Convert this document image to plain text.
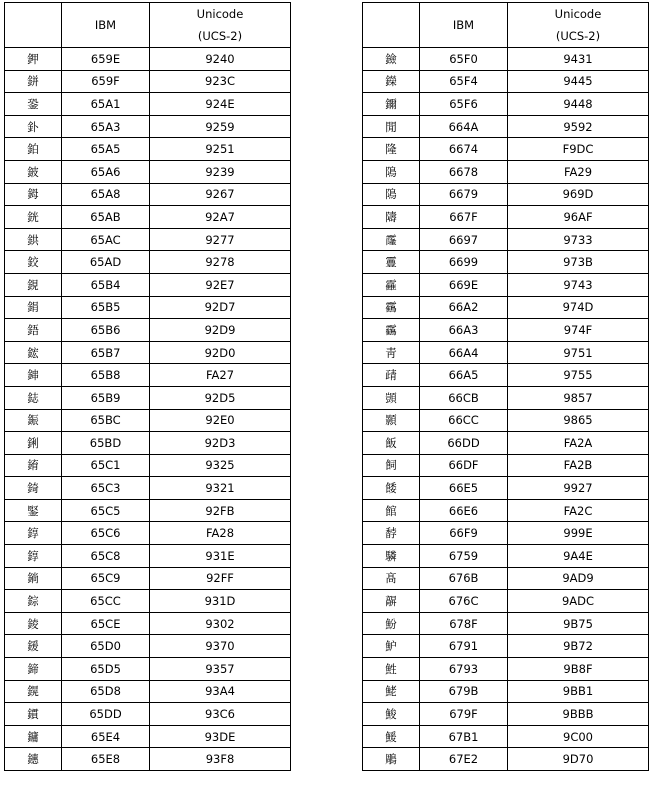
	IBM	Unicode
(UCS-2)

鉀	659E	9240
鉼	659F	923C
銎	65A1	924E
釙	65A3	9259
鉑	65A5	9251
鈹	65A6	9239
鉧	65A8	9267
銧	65AB	92A7
鉷	65AC	9277
鉸	65AD	9278
鋧	65B4	92E7
鋗	65B5	92D7
鋙	65B6	92D9
鋐	65B7	92D0
鋛	65B8	FA27
鋕	65B9	92D5
鋠	65BC	92E0
鋓	65BD	92D3
錥	65C1	9325
錡	65C3	9321
鋻	65C5	92FB
錞	65C6	FA28
錞	65C8	931E
鋿	65C9	92FF
錝	65CC	931D
錂	65CE	9302
鍰	65D0	9370
鍗	65D5	9357
鎤	65D8	93A4
鏆	65DD	93C6
鏞	65E4	93DE
鏸	65E8	93F8
	IBM	Unicode
(UCS-2)

鐱	65F0	9431
鑅	65F4	9445
鑈	65F6	9448
閒	664A	9592
隆	6674	F9DC
隝	6678	FA29
隝	6679	969D
隯	667F	96AF
霳	6697	9733
霻	6699	973B
靃	669E	9743
靍	66A2	974D
靏	66A3	974F
靑	66A4	9751
靕	66A5	9755
顗	66CB	9857
顥	66CC	9865
飯	66DD	FA2A
飼	66DF	FA2B
餧	66E5	9927
館	66E6	FA2C
馞	66F9	999E
驎	6759	9A4E
髙	676B	9AD9
髜	676C	9ADC
魵	678F	9B75
魲	6791	9B72
鮏	6793	9B8F
鮱	679B	9BB1
鮻	679F	9BBB
鰀	67B1	9C00
鵰	67E2	9D70
